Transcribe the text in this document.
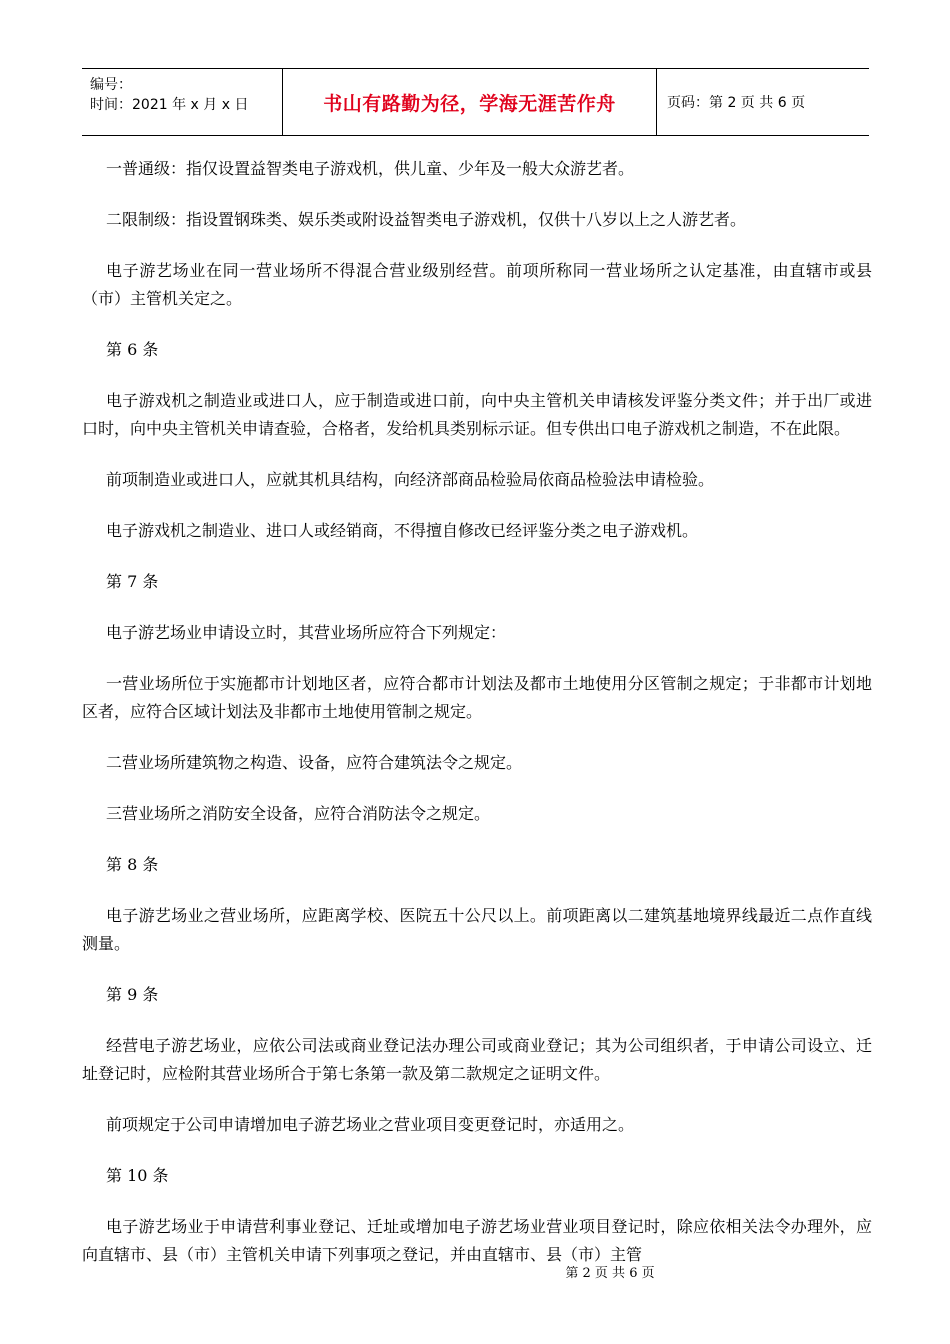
编号：
时间：2021 年 x 月 x 日	书山有路勤为径，学海无涯苦作舟	页码：第 2 页 共 6 页

一普通级：指仅设置益智类电子游戏机，供儿童、少年及一般大众游艺者。

二限制级：指设置钢珠类、娱乐类或附设益智类电子游戏机，仅供十八岁以上之人游艺者。

电子游艺场业在同一营业场所不得混合营业级别经营。前项所称同一营业场所之认定基准，由直辖市或县（市）主管机关定之。

第 6 条

电子游戏机之制造业或进口人，应于制造或进口前，向中央主管机关申请核发评鉴分类文件；并于出厂或进口时，向中央主管机关申请查验，合格者，发给机具类别标示证。但专供出口电子游戏机之制造，不在此限。

前项制造业或进口人，应就其机具结构，向经济部商品检验局依商品检验法申请检验。

电子游戏机之制造业、进口人或经销商，不得擅自修改已经评鉴分类之电子游戏机。

第 7 条

电子游艺场业申请设立时，其营业场所应符合下列规定：

一营业场所位于实施都市计划地区者，应符合都市计划法及都市土地使用分区管制之规定；于非都市计划地区者，应符合区域计划法及非都市土地使用管制之规定。

二营业场所建筑物之构造、设备，应符合建筑法令之规定。

三营业场所之消防安全设备，应符合消防法令之规定。

第 8 条

电子游艺场业之营业场所，应距离学校、医院五十公尺以上。前项距离以二建筑基地境界线最近二点作直线测量。

第 9 条

经营电子游艺场业，应依公司法或商业登记法办理公司或商业登记；其为公司组织者，于申请公司设立、迁址登记时，应检附其营业场所合于第七条第一款及第二款规定之证明文件。

前项规定于公司申请增加电子游艺场业之营业项目变更登记时，亦适用之。

第 10 条

电子游艺场业于申请营利事业登记、迁址或增加电子游艺场业营业项目登记时，除应依相关法令办理外，应向直辖市、县（市）主管机关申请下列事项之登记，并由直辖市、县（市）主管

第 2 页 共 6 页
